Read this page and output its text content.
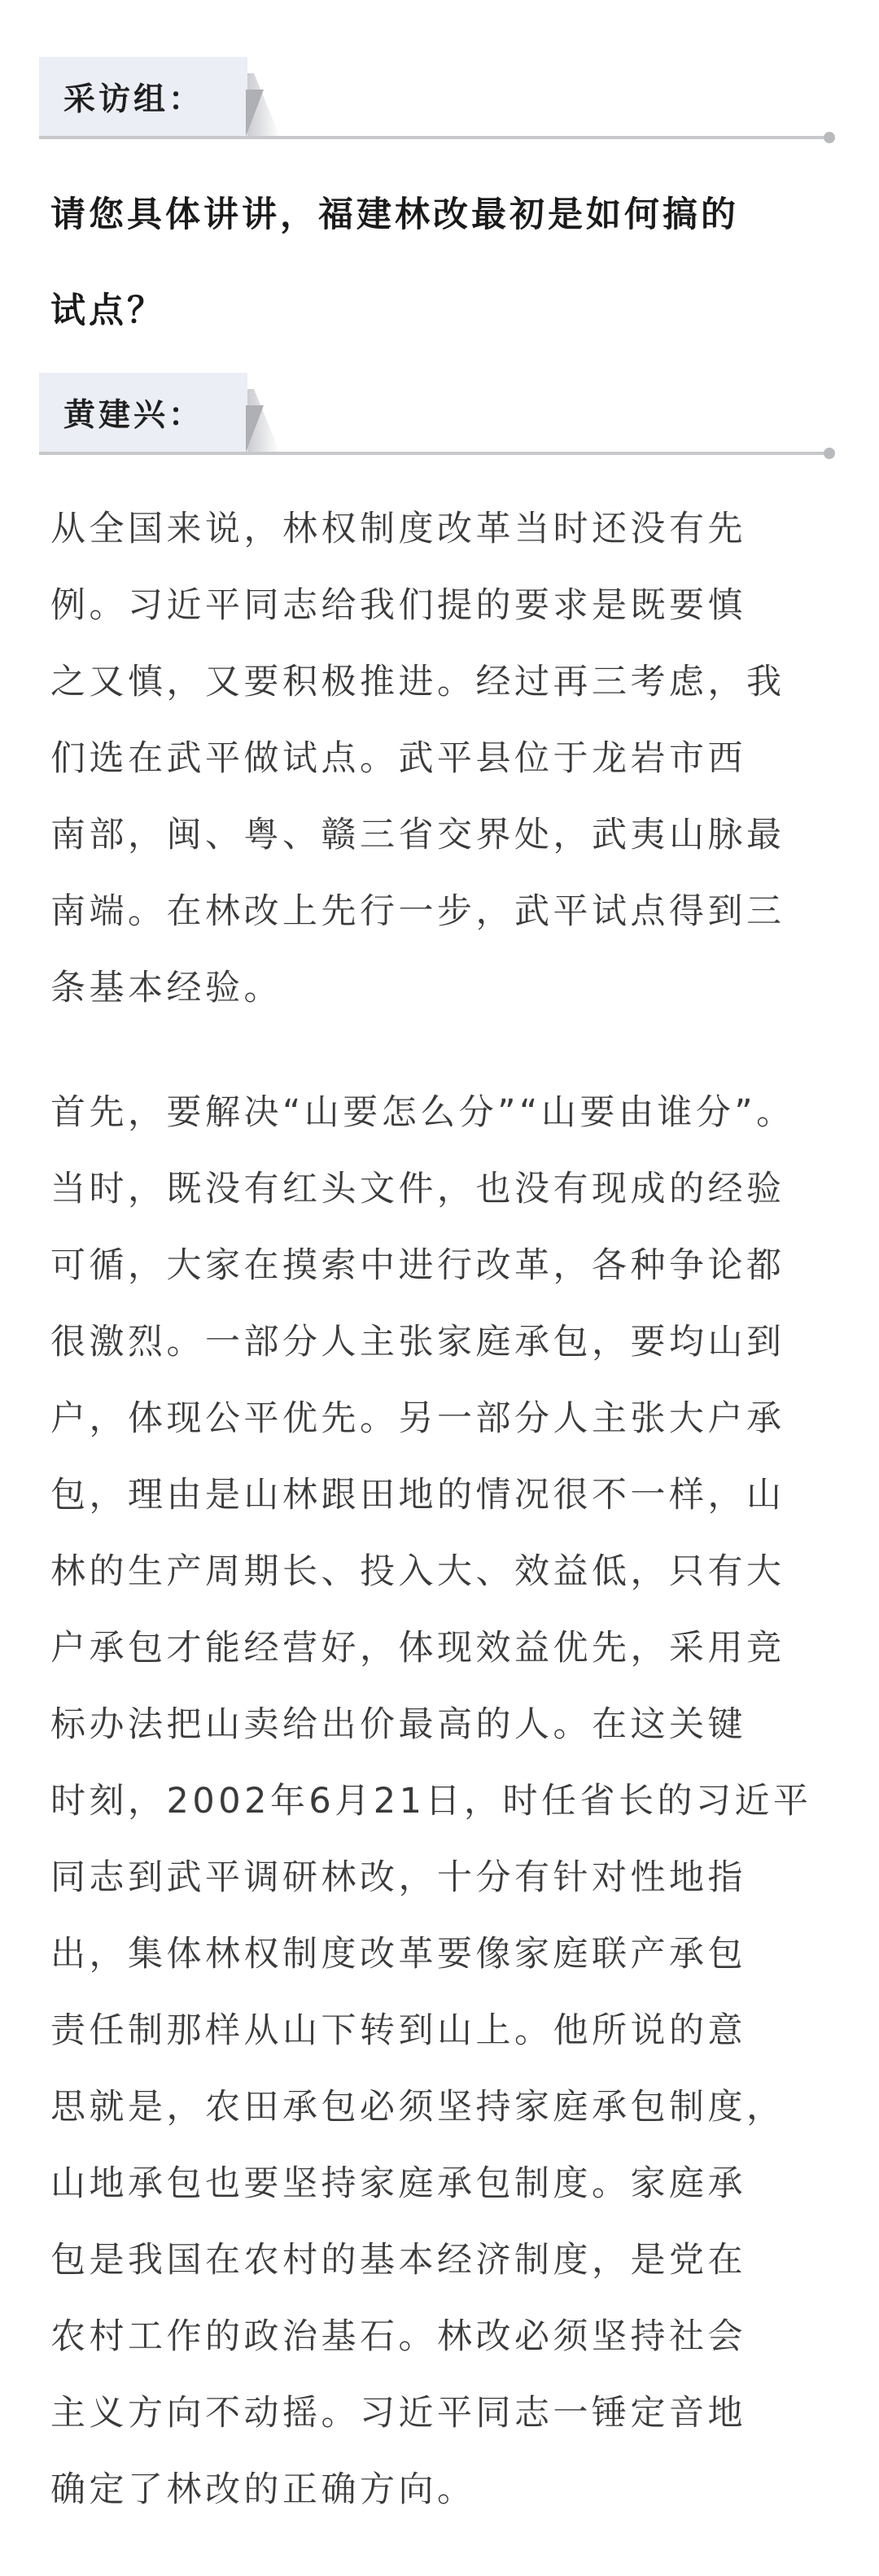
采访组：
请您具体讲讲，福建林改最初是如何搞的
试点？
黄建兴：
从全国来说，林权制度改革当时还没有先
例。习近平同志给我们提的要求是既要慎
之又慎，又要积极推进。经过再三考虑，我
们选在武平做试点。武平县位于龙岩市西
南部，闽、粤、赣三省交界处，武夷山脉最
南端。在林改上先行一步，武平试点得到三
条基本经验。
首先，要解决“山要怎么分”“山要由谁分”。
当时，既没有红头文件，也没有现成的经验
可循，大家在摸索中进行改革，各种争论都
很激烈。一部分人主张家庭承包，要均山到
户，体现公平优先。另一部分人主张大户承
包，理由是山林跟田地的情况很不一样，山
林的生产周期长、投入大、效益低，只有大
户承包才能经营好，体现效益优先，采用竞
标办法把山卖给出价最高的人。在这关键
时刻，2002年6月21日，时任省长的习近平
同志到武平调研林改，十分有针对性地指
出，集体林权制度改革要像家庭联产承包
责任制那样从山下转到山上。他所说的意
思就是，农田承包必须坚持家庭承包制度，
山地承包也要坚持家庭承包制度。家庭承
包是我国在农村的基本经济制度，是党在
农村工作的政治基石。林改必须坚持社会
主义方向不动摇。习近平同志一锤定音地
确定了林改的正确方向。
